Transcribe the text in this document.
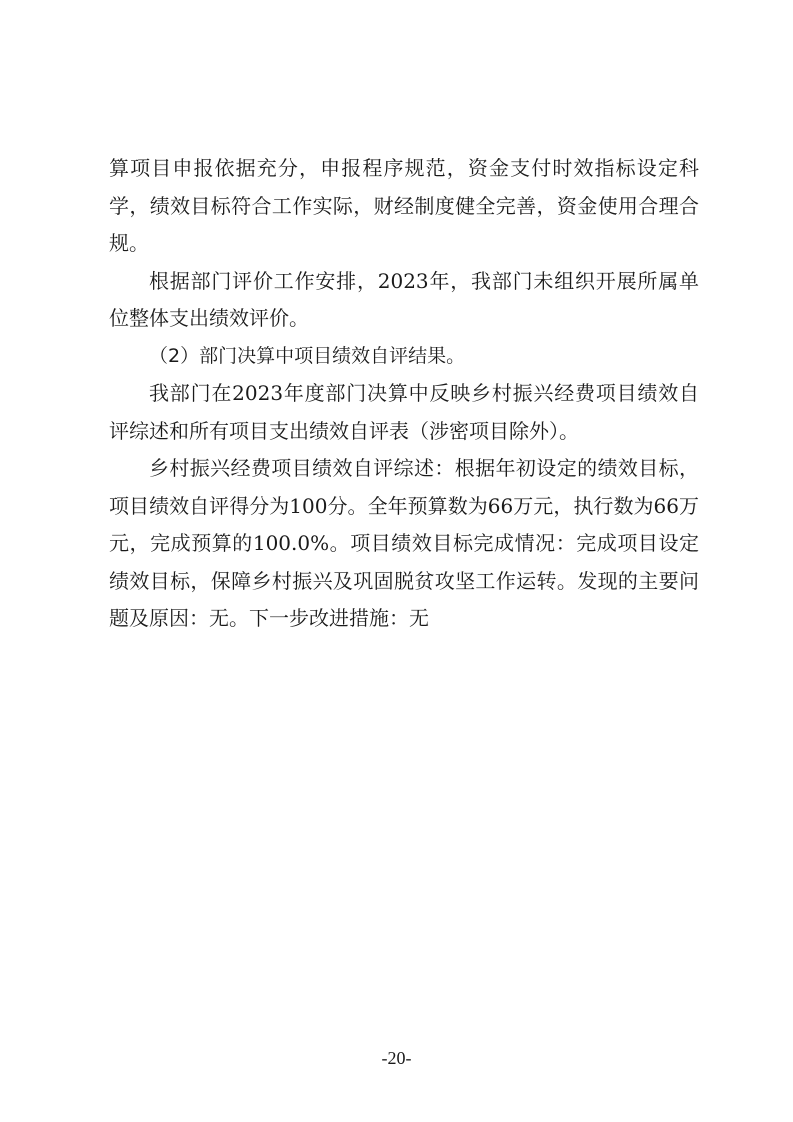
算项目申报依据充分，申报程序规范，资金支付时效指标设定科学，绩效目标符合工作实际，财经制度健全完善，资金使用合理合规。

根据部门评价工作安排，2023年，我部门未组织开展所属单位整体支出绩效评价。

（2）部门决算中项目绩效自评结果。

我部门在2023年度部门决算中反映乡村振兴经费项目绩效自评综述和所有项目支出绩效自评表（涉密项目除外）。

乡村振兴经费项目绩效自评综述：根据年初设定的绩效目标，项目绩效自评得分为100分。全年预算数为66万元，执行数为66万元，完成预算的100.0%。项目绩效目标完成情况：完成项目设定绩效目标，保障乡村振兴及巩固脱贫攻坚工作运转。发现的主要问题及原因：无。下一步改进措施：无

-20-
